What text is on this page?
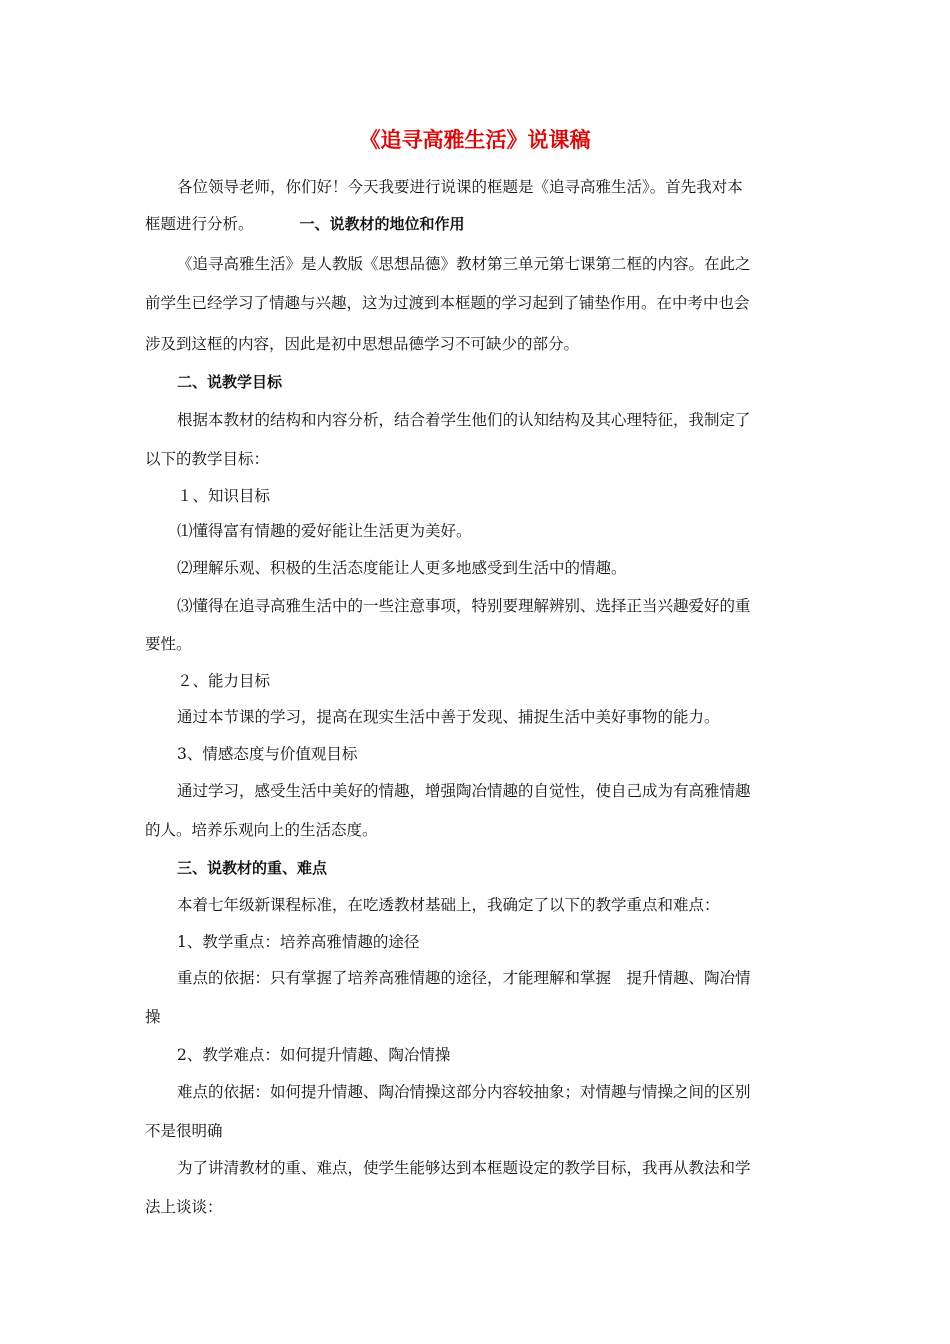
《追寻高雅生活》说课稿
各位领导老师，你们好！今天我要进行说课的框题是《追寻高雅生活》。首先我对本
框题进行分析。	一、说教材的地位和作用
《追寻高雅生活》是人教版《思想品德》教材第三单元第七课第二框的内容。在此之
前学生已经学习了情趣与兴趣，这为过渡到本框题的学习起到了铺垫作用。在中考中也会
涉及到这框的内容，因此是初中思想品德学习不可缺少的部分。
二、说教学目标
根据本教材的结构和内容分析，结合着学生他们的认知结构及其心理特征，我制定了
以下的教学目标：
１、知识目标
⑴懂得富有情趣的爱好能让生活更为美好。
⑵理解乐观、积极的生活态度能让人更多地感受到生活中的情趣。
⑶懂得在追寻高雅生活中的一些注意事项，特别要理解辨别、选择正当兴趣爱好的重
要性。
２、能力目标
通过本节课的学习，提高在现实生活中善于发现、捕捉生活中美好事物的能力。
3、情感态度与价值观目标
通过学习，感受生活中美好的情趣，增强陶冶情趣的自觉性，使自己成为有高雅情趣
的人。培养乐观向上的生活态度。
三、说教材的重、难点
本着七年级新课程标准，在吃透教材基础上，我确定了以下的教学重点和难点：
1、教学重点：培养高雅情趣的途径
重点的依据：只有掌握了培养高雅情趣的途径，才能理解和掌握　提升情趣、陶冶情
操
2、教学难点：如何提升情趣、陶冶情操
难点的依据：如何提升情趣、陶冶情操这部分内容较抽象；对情趣与情操之间的区别
不是很明确
为了讲清教材的重、难点，使学生能够达到本框题设定的教学目标，我再从教法和学
法上谈谈：
